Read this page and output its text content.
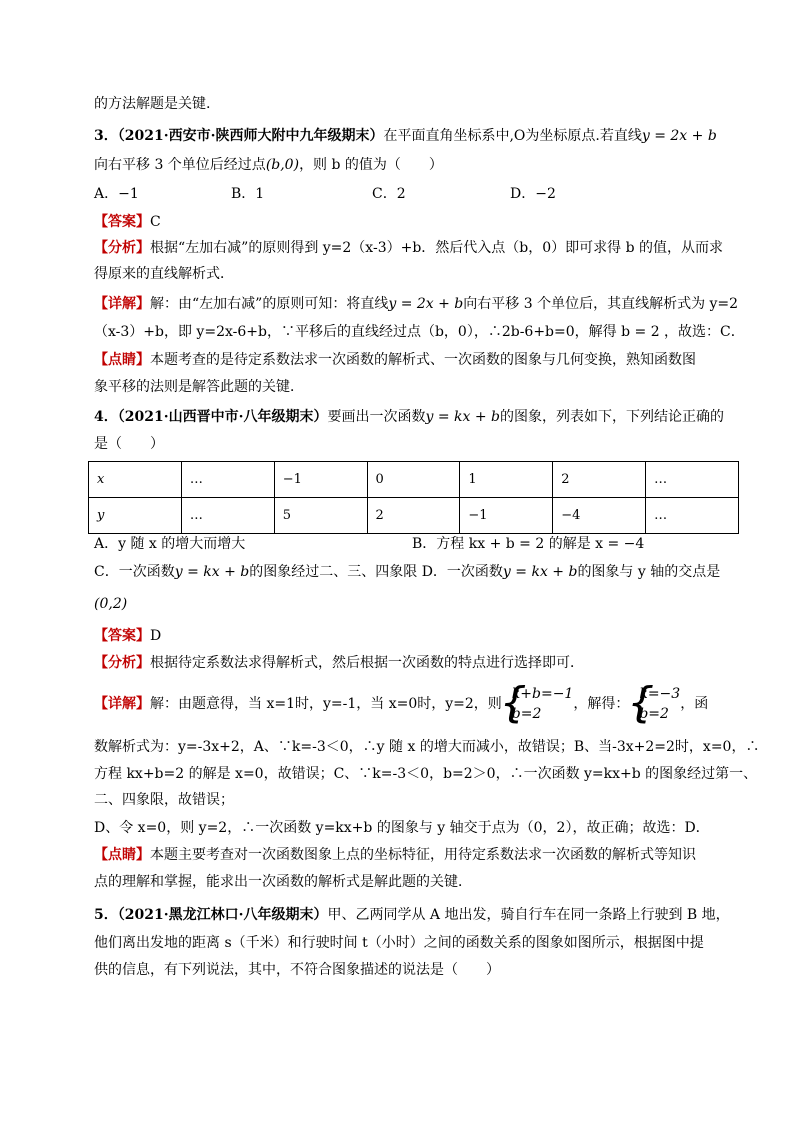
的方法解题是关键.
3．（2021·西安市·陕西师大附中九年级期末）在平面直角坐标系中,O为坐标原点.若直线y = 2x + b
向右平移 3 个单位后经过点(b,0)，则 b 的值为（　　）
A．−1	B．1	C．2	D．−2
【答案】C
【分析】根据“左加右减”的原则得到 y=2（x-3）+b．然后代入点（b，0）即可求得 b 的值，从而求
得原来的直线解析式．
【详解】解：由“左加右减”的原则可知：将直线y = 2x + b向右平移 3 个单位后，其直线解析式为 y=2
（x-3）+b，即 y=2x-6+b，∵平移后的直线经过点（b，0），∴2b-6+b=0，解得 b = 2 ，故选：C．
【点睛】本题考查的是待定系数法求一次函数的解析式、一次函数的图象与几何变换，熟知函数图
象平移的法则是解答此题的关键．
4．（2021·山西晋中市·八年级期末）要画出一次函数y = kx + b的图象，列表如下，下列结论正确的
是（　　）
x	…	−1	0	1	2	…
y	…	5	2	−1	−4	…
A．y 随 x 的增大而增大	B．方程 kx + b = 2 的解是 x = −4
C．一次函数y = kx + b的图象经过二、三、四象限 D．一次函数y = kx + b的图象与 y 轴的交点是
(0,2)
【答案】D
【分析】根据待定系数法求得解析式，然后根据一次函数的特点进行选择即可．
【详解】解：由题意得，当 x=1时，y=-1，当 x=0时，y=2，则
{ k+b=−1
b=2
，解得：
{ k=−3
b=2
，函
数解析式为：y=-3x+2，A、∵k=-3＜0，∴y 随 x 的增大而减小，故错误；B、当-3x+2=2时，x=0，∴
方程 kx+b=2 的解是 x=0，故错误；C、∵k=-3＜0，b=2＞0，∴一次函数 y=kx+b 的图象经过第一、
二、四象限，故错误；
D、令 x=0，则 y=2，∴一次函数 y=kx+b 的图象与 y 轴交于点为（0，2），故正确；故选：D．
【点睛】本题主要考查对一次函数图象上点的坐标特征，用待定系数法求一次函数的解析式等知识
点的理解和掌握，能求出一次函数的解析式是解此题的关键．
5．（2021·黑龙江林口·八年级期末）甲、乙两同学从 A 地出发，骑自行车在同一条路上行驶到 B 地，
他们离出发地的距离 s（千米）和行驶时间 t（小时）之间的函数关系的图象如图所示，根据图中提
供的信息，有下列说法，其中，不符合图象描述的说法是（　　）
